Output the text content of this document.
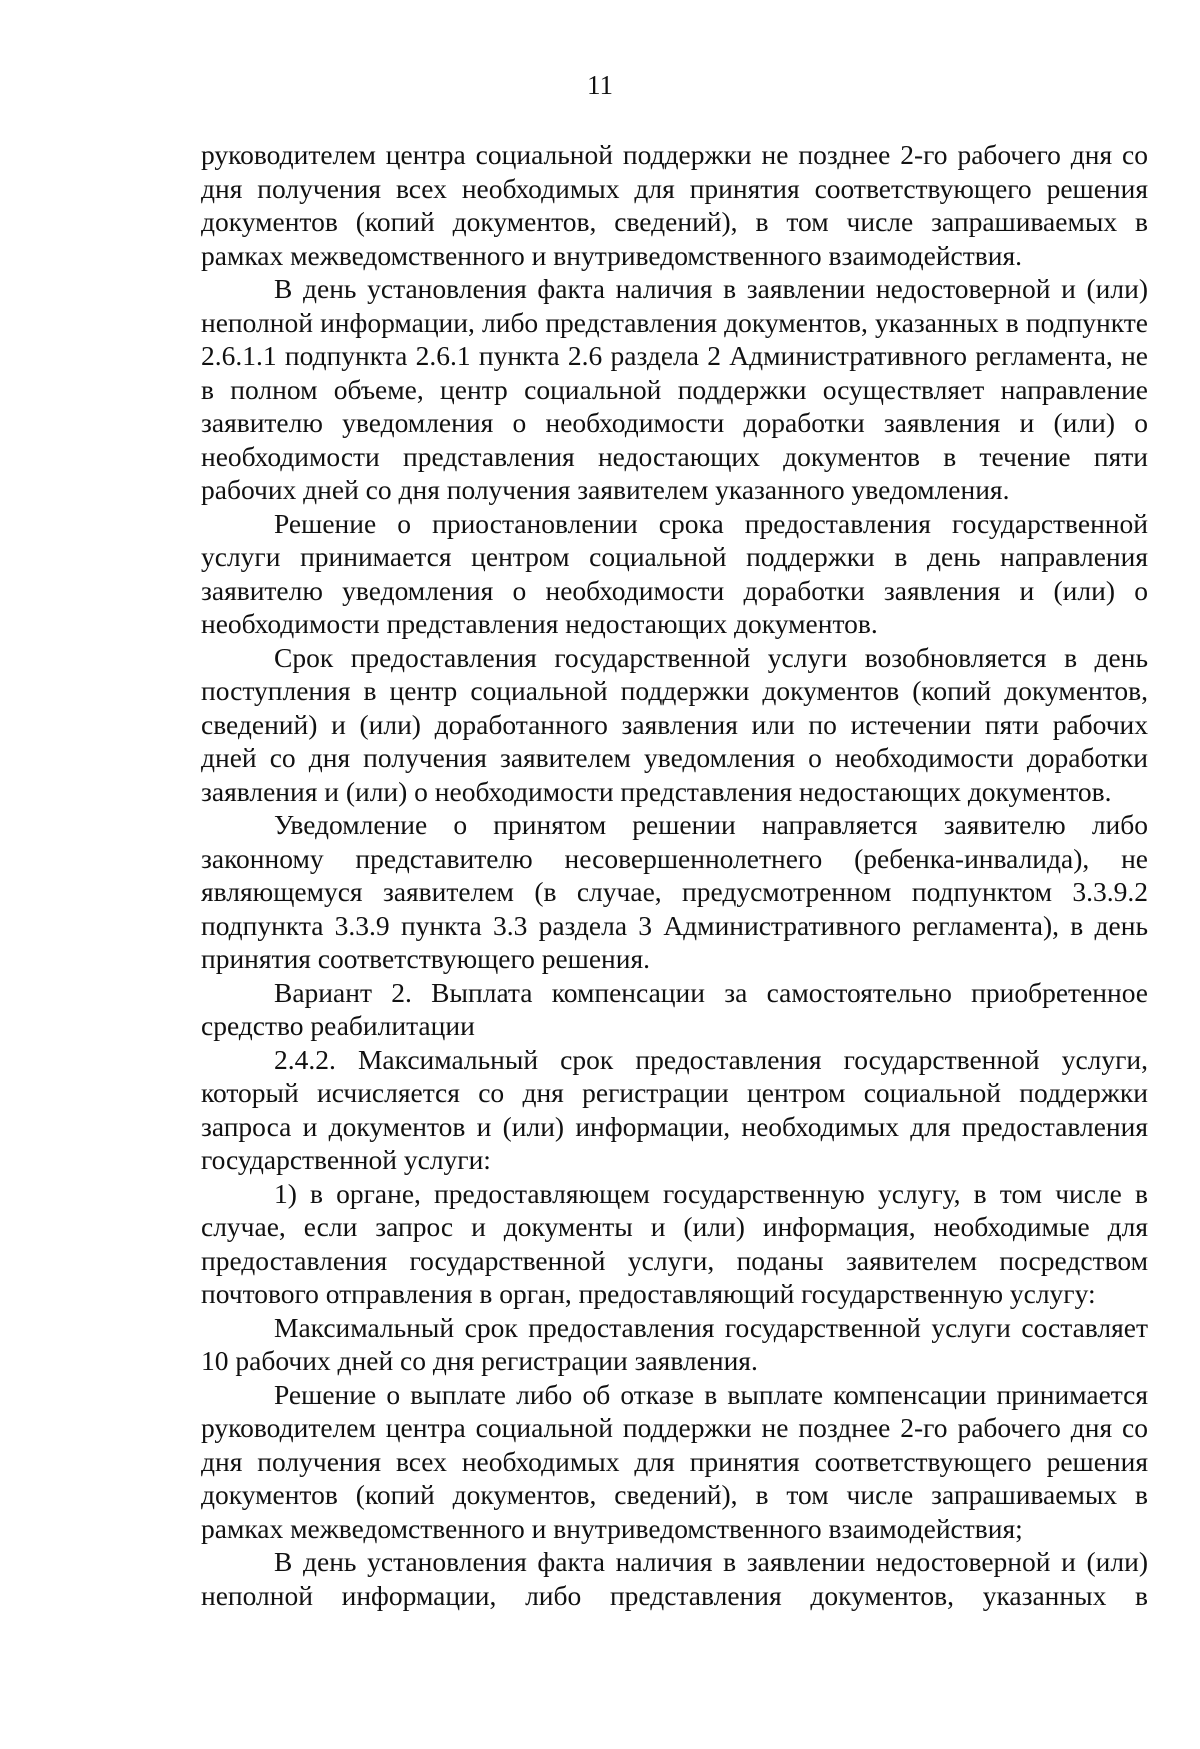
11

руководителем центра социальной поддержки не позднее 2-го рабочего дня со дня получения всех необходимых для принятия соответствующего решения документов (копий документов, сведений), в том числе запрашиваемых в рамках межведомственного и внутриведомственного взаимодействия.

В день установления факта наличия в заявлении недостоверной и (или) неполной информации, либо представления документов, указанных в подпункте 2.6.1.1 подпункта 2.6.1 пункта 2.6 раздела 2 Административного регламента, не в полном объеме, центр социальной поддержки осуществляет направление заявителю уведомления о необходимости доработки заявления и (или) о необходимости представления недостающих документов в течение пяти рабочих дней со дня получения заявителем указанного уведомления.

Решение о приостановлении срока предоставления государственной услуги принимается центром социальной поддержки в день направления заявителю уведомления о необходимости доработки заявления и (или) о необходимости представления недостающих документов.

Срок предоставления государственной услуги возобновляется в день поступления в центр социальной поддержки документов (копий документов, сведений) и (или) доработанного заявления или по истечении пяти рабочих дней со дня получения заявителем уведомления о необходимости доработки заявления и (или) о необходимости представления недостающих документов.

Уведомление о принятом решении направляется заявителю либо законному представителю несовершеннолетнего (ребенка-инвалида), не являющемуся заявителем (в случае, предусмотренном подпунктом 3.3.9.2 подпункта 3.3.9 пункта 3.3 раздела 3 Административного регламента), в день принятия соответствующего решения.

Вариант 2. Выплата компенсации за самостоятельно приобретенное средство реабилитации

2.4.2. Максимальный срок предоставления государственной услуги, который исчисляется со дня регистрации центром социальной поддержки запроса и документов и (или) информации, необходимых для предоставления государственной услуги:

1) в органе, предоставляющем государственную услугу, в том числе в случае, если запрос и документы и (или) информация, необходимые для предоставления государственной услуги, поданы заявителем посредством почтового отправления в орган, предоставляющий государственную услугу:

Максимальный срок предоставления государственной услуги составляет 10 рабочих дней со дня регистрации заявления.

Решение о выплате либо об отказе в выплате компенсации принимается руководителем центра социальной поддержки не позднее 2-го рабочего дня со дня получения всех необходимых для принятия соответствующего решения документов (копий документов, сведений), в том числе запрашиваемых в рамках межведомственного и внутриведомственного взаимодействия;

В день установления факта наличия в заявлении недостоверной и (или) неполной информации, либо представления документов, указанных в
